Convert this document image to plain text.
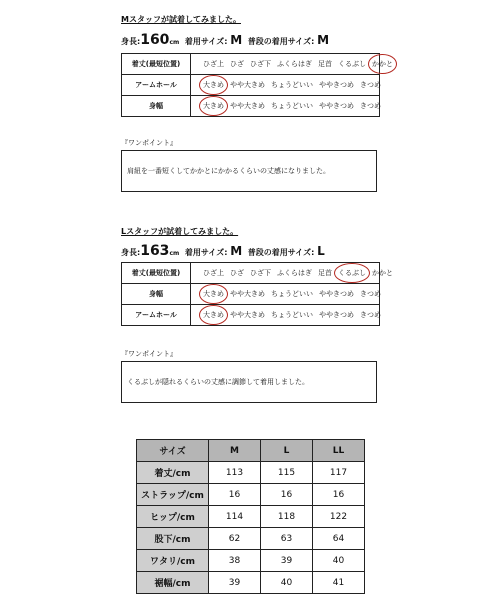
Mスタッフが試着してみました。
身長:160cm 着用サイズ: M 普段の着用サイズ: M
着丈(最短位置)	ひざ上 ひざ ひざ下 ふくらはぎ 足首 くるぶし かかと
アームホール	大きめ やや大きめ ちょうどいい ややきつめ きつめ
身幅	大きめ やや大きめ ちょうどいい ややきつめ きつめ
『ワンポイント』
肩紐を一番短くしてかかとにかかるくらいの丈感になりました。
Lスタッフが試着してみました。
身長:163cm 着用サイズ: M 普段の着用サイズ: L
着丈(最短位置)	ひざ上 ひざ ひざ下 ふくらはぎ 足首 くるぶし かかと
身幅	大きめ やや大きめ ちょうどいい ややきつめ きつめ
アームホール	大きめ やや大きめ ちょうどいい ややきつめ きつめ
『ワンポイント』
くるぶしが隠れるくらいの丈感に調節して着用しました。
サイズ	M	L	LL
着丈/cm	113	115	117
ストラップ/cm	16	16	16
ヒップ/cm	114	118	122
股下/cm	62	63	64
ワタリ/cm	38	39	40
裾幅/cm	39	40	41
